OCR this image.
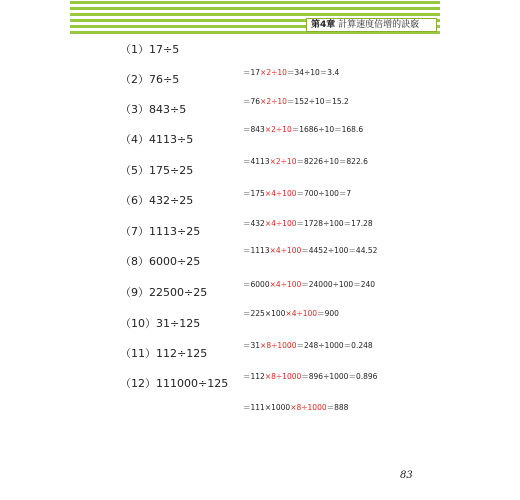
第4章 計算速度倍增的訣竅
（1）17÷5
（2）76÷5
（3）843÷5
（4）4113÷5
（5）175÷25
（6）432÷25
（7）1113÷25
（8）6000÷25
（9）22500÷25
（10）31÷125
（11）112÷125
（12）111000÷125
＝17×2÷10＝34÷10＝3.4
＝76×2÷10＝152÷10＝15.2
＝843×2÷10＝1686÷10＝168.6
＝4113×2÷10＝8226÷10＝822.6
＝175×4÷100＝700÷100＝7
＝432×4÷100＝1728÷100＝17.28
＝1113×4÷100＝4452÷100＝44.52
＝6000×4÷100＝24000÷100＝240
＝225×100×4÷100＝900
＝31×8÷1000＝248÷1000＝0.248
＝112×8÷1000＝896÷1000＝0.896
＝111×1000×8÷1000＝888
83
